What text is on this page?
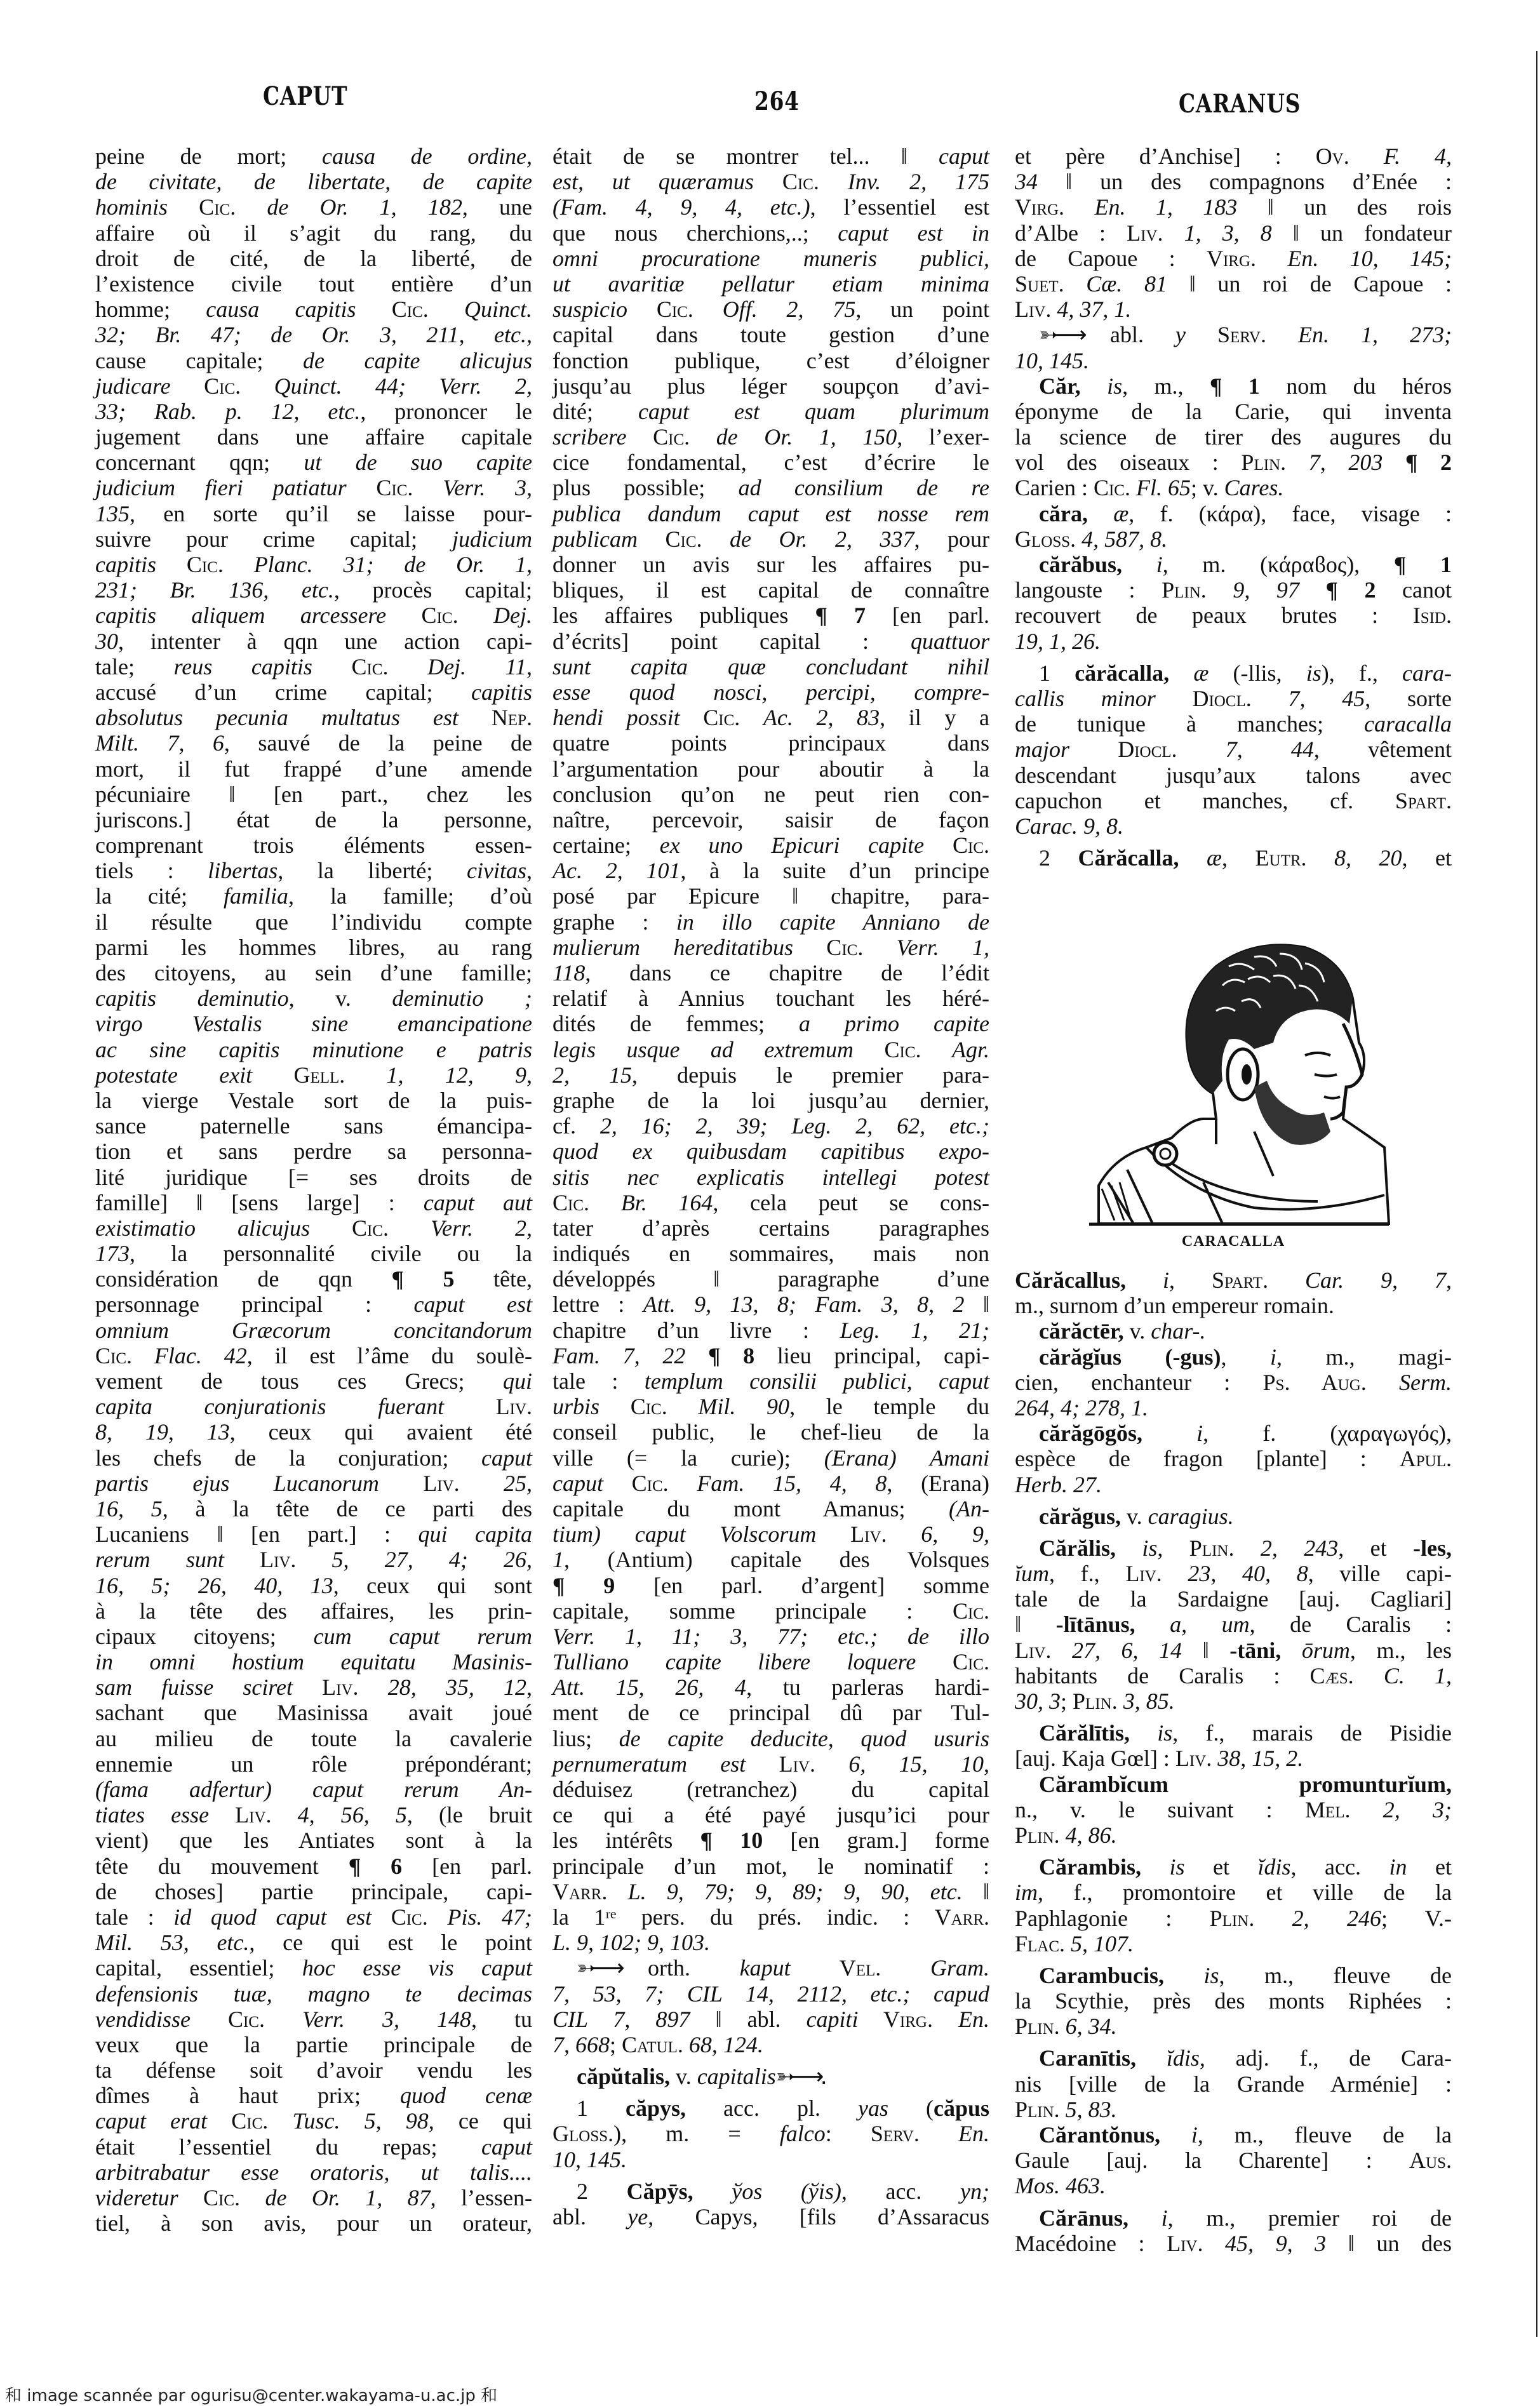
CAPUT	264	CARANUS
peine de mort; causa de ordine,
de civitate, de libertate, de capite
hominis Cic. de Or. 1, 182, une
affaire où il s’agit du rang, du
droit de cité, de la liberté, de
l’existence civile tout entière d’un
homme; causa capitis Cic. Quinct.
32; Br. 47; de Or. 3, 211, etc.,
cause capitale; de capite alicujus
judicare Cic. Quinct. 44; Verr. 2,
33; Rab. p. 12, etc., prononcer le
jugement dans une affaire capitale
concernant qqn; ut de suo capite
judicium fieri patiatur Cic. Verr. 3,
135, en sorte qu’il se laisse pour-
suivre pour crime capital; judicium
capitis Cic. Planc. 31; de Or. 1,
231; Br. 136, etc., procès capital;
capitis aliquem arcessere Cic. Dej.
30, intenter à qqn une action capi-
tale; reus capitis Cic. Dej. 11,
accusé d’un crime capital; capitis
absolutus pecunia multatus est Nep.
Milt. 7, 6, sauvé de la peine de
mort, il fut frappé d’une amende
pécuniaire ‖ [en part., chez les
juriscons.] état de la personne,
comprenant trois éléments essen-
tiels : libertas, la liberté; civitas,
la cité; familia, la famille; d’où
il résulte que l’individu compte
parmi les hommes libres, au rang
des citoyens, au sein d’une famille;
capitis deminutio, v. deminutio ;
virgo Vestalis sine emancipatione
ac sine capitis minutione e patris
potestate exit Gell. 1, 12, 9,
la vierge Vestale sort de la puis-
sance paternelle sans émancipa-
tion et sans perdre sa personna-
lité juridique [= ses droits de
famille] ‖ [sens large] : caput aut
existimatio alicujus Cic. Verr. 2,
173, la personnalité civile ou la
considération de qqn ¶ 5 tête,
personnage principal : caput est
omnium Græcorum concitandorum
Cic. Flac. 42, il est l’âme du soulè-
vement de tous ces Grecs; qui
capita conjurationis fuerant Liv.
8, 19, 13, ceux qui avaient été
les chefs de la conjuration; caput
partis ejus Lucanorum Liv. 25,
16, 5, à la tête de ce parti des
Lucaniens ‖ [en part.] : qui capita
rerum sunt Liv. 5, 27, 4; 26,
16, 5; 26, 40, 13, ceux qui sont
à la tête des affaires, les prin-
cipaux citoyens; cum caput rerum
in omni hostium equitatu Masinis-
sam fuisse sciret Liv. 28, 35, 12,
sachant que Masinissa avait joué
au milieu de toute la cavalerie
ennemie un rôle prépondérant;
(fama adfertur) caput rerum An-
tiates esse Liv. 4, 56, 5, (le bruit
vient) que les Antiates sont à la
tête du mouvement ¶ 6 [en parl.
de choses] partie principale, capi-
tale : id quod caput est Cic. Pis. 47;
Mil. 53, etc., ce qui est le point
capital, essentiel; hoc esse vis caput
defensionis tuæ, magno te decimas
vendidisse Cic. Verr. 3, 148, tu
veux que la partie principale de
ta défense soit d’avoir vendu les
dîmes à haut prix; quod cenæ
caput erat Cic. Tusc. 5, 98, ce qui
était l’essentiel du repas; caput
arbitrabatur esse oratoris, ut talis....
videretur Cic. de Or. 1, 87, l’essen-
tiel, à son avis, pour un orateur,
était de se montrer tel... ‖ caput
est, ut quæramus Cic. Inv. 2, 175
(Fam. 4, 9, 4, etc.), l’essentiel est
que nous cherchions,..; caput est in
omni procuratione muneris publici,
ut avaritiæ pellatur etiam minima
suspicio Cic. Off. 2, 75, un point
capital dans toute gestion d’une
fonction publique, c’est d’éloigner
jusqu’au plus léger soupçon d’avi-
dité; caput est quam plurimum
scribere Cic. de Or. 1, 150, l’exer-
cice fondamental, c’est d’écrire le
plus possible; ad consilium de re
publica dandum caput est nosse rem
publicam Cic. de Or. 2, 337, pour
donner un avis sur les affaires pu-
bliques, il est capital de connaître
les affaires publiques ¶ 7 [en parl.
d’écrits] point capital : quattuor
sunt capita quæ concludant nihil
esse quod nosci, percipi, compre-
hendi possit Cic. Ac. 2, 83, il y a
quatre points principaux dans
l’argumentation pour aboutir à la
conclusion qu’on ne peut rien con-
naître, percevoir, saisir de façon
certaine; ex uno Epicuri capite Cic.
Ac. 2, 101, à la suite d’un principe
posé par Epicure ‖ chapitre, para-
graphe : in illo capite Anniano de
mulierum hereditatibus Cic. Verr. 1,
118, dans ce chapitre de l’édit
relatif à Annius touchant les héré-
dités de femmes; a primo capite
legis usque ad extremum Cic. Agr.
2, 15, depuis le premier para-
graphe de la loi jusqu’au dernier,
cf. 2, 16; 2, 39; Leg. 2, 62, etc.;
quod ex quibusdam capitibus expo-
sitis nec explicatis intellegi potest
Cic. Br. 164, cela peut se cons-
tater d’après certains paragraphes
indiqués en sommaires, mais non
développés ‖ paragraphe d’une
lettre : Att. 9, 13, 8; Fam. 3, 8, 2 ‖
chapitre d’un livre : Leg. 1, 21;
Fam. 7, 22 ¶ 8 lieu principal, capi-
tale : templum consilii publici, caput
urbis Cic. Mil. 90, le temple du
conseil public, le chef-lieu de la
ville (= la curie); (Erana) Amani
caput Cic. Fam. 15, 4, 8, (Erana)
capitale du mont Amanus; (An-
tium) caput Volscorum Liv. 6, 9,
1, (Antium) capitale des Volsques
¶ 9 [en parl. d’argent] somme
capitale, somme principale : Cic.
Verr. 1, 11; 3, 77; etc.; de illo
Tulliano capite libere loquere Cic.
Att. 15, 26, 4, tu parleras hardi-
ment de ce principal dû par Tul-
lius; de capite deducite, quod usuris
pernumeratum est Liv. 6, 15, 10,
déduisez (retranchez) du capital
ce qui a été payé jusqu’ici pour
les intérêts ¶ 10 [en gram.] forme
principale d’un mot, le nominatif :
Varr. L. 9, 79; 9, 89; 9, 90, etc. ‖
la 1ʳᵉ pers. du prés. indic. : Varr.
L. 9, 102; 9, 103.
➳⟶orth. kaput Vel. Gram.
7, 53, 7; CIL 14, 2112, etc.; capud
CIL 7, 897 ‖ abl. capiti Virg. En.
7, 668; Catul. 68, 124.
căpŭtalis, v. capitalis➳⟶.
1 căpys, acc. pl. yas (căpus
Gloss.), m. = falco: Serv. En.
10, 145.
2 Căpȳs, ўos (ўis), acc. yn;
abl. ye, Capys, [fils d’Assaracus
et père d’Anchise] : Ov. F. 4,
34 ‖ un des compagnons d’Enée :
Virg. En. 1, 183 ‖ un des rois
d’Albe : Liv. 1, 3, 8 ‖ un fondateur
de Capoue : Virg. En. 10, 145;
Suet. Cæ. 81 ‖ un roi de Capoue :
Liv. 4, 37, 1.
➳⟶abl. y Serv. En. 1, 273;
10, 145.
Căr, is, m., ¶ 1 nom du héros
éponyme de la Carie, qui inventa
la science de tirer des augures du
vol des oiseaux : Plin. 7, 203 ¶ 2
Carien : Cic. Fl. 65; v. Cares.
căra, æ, f. (κάρα), face, visage :
Gloss. 4, 587, 8.
cărăbus, i, m. (κάραϐος), ¶ 1
langouste : Plin. 9, 97 ¶ 2 canot
recouvert de peaux brutes : Isid.
19, 1, 26.
1 cărăcalla, æ (-llis, is), f., cara-
callis minor Diocl. 7, 45, sorte
de tunique à manches; caracalla
major Diocl. 7, 44, vêtement
descendant jusqu’aux talons avec
capuchon et manches, cf. Spart.
Carac. 9, 8.
2 Cărăcalla, æ, Eutr. 8, 20, et
CARACALLA
Cărăcallus, i, Spart. Car. 9, 7,
m., surnom d’un empereur romain.
cărăctēr, v. char-.
cărăgĭus (-gus), i, m., magi-
cien, enchanteur : Ps. Aug. Serm.
264, 4; 278, 1.
cărăgōgŏs, i, f. (χαραγωγός),
espèce de fragon [plante] : Apul.
Herb. 27.
cărăgus, v. caragius.
Cărălis, is, Plin. 2, 243, et -les,
ĭum, f., Liv. 23, 40, 8, ville capi-
tale de la Sardaigne [auj. Cagliari]
‖ -lītānus, a, um, de Caralis :
Liv. 27, 6, 14 ‖ -tāni, ōrum, m., les
habitants de Caralis : Cæs. C. 1,
30, 3; Plin. 3, 85.
Cărălītis, is, f., marais de Pisidie
[auj. Kaja Gœl] : Liv. 38, 15, 2.
Cărambĭcum promunturĭum,
n., v. le suivant : Mel. 2, 3;
Plin. 4, 86.
Cărambis, is et ĭdis, acc. in et
im, f., promontoire et ville de la
Paphlagonie : Plin. 2, 246; V.-
Flac. 5, 107.
Carambucis, is, m., fleuve de
la Scythie, près des monts Riphées :
Plin. 6, 34.
Caranītis, ĭdis, adj. f., de Cara-
nis [ville de la Grande Arménie] :
Plin. 5, 83.
Cărantŏnus, i, m., fleuve de la
Gaule [auj. la Charente] : Aus.
Mos. 463.
Cărānus, i, m., premier roi de
Macédoine : Liv. 45, 9, 3 ‖ un des
和 image scannée par ogurisu@center.wakayama-u.ac.jp 和
